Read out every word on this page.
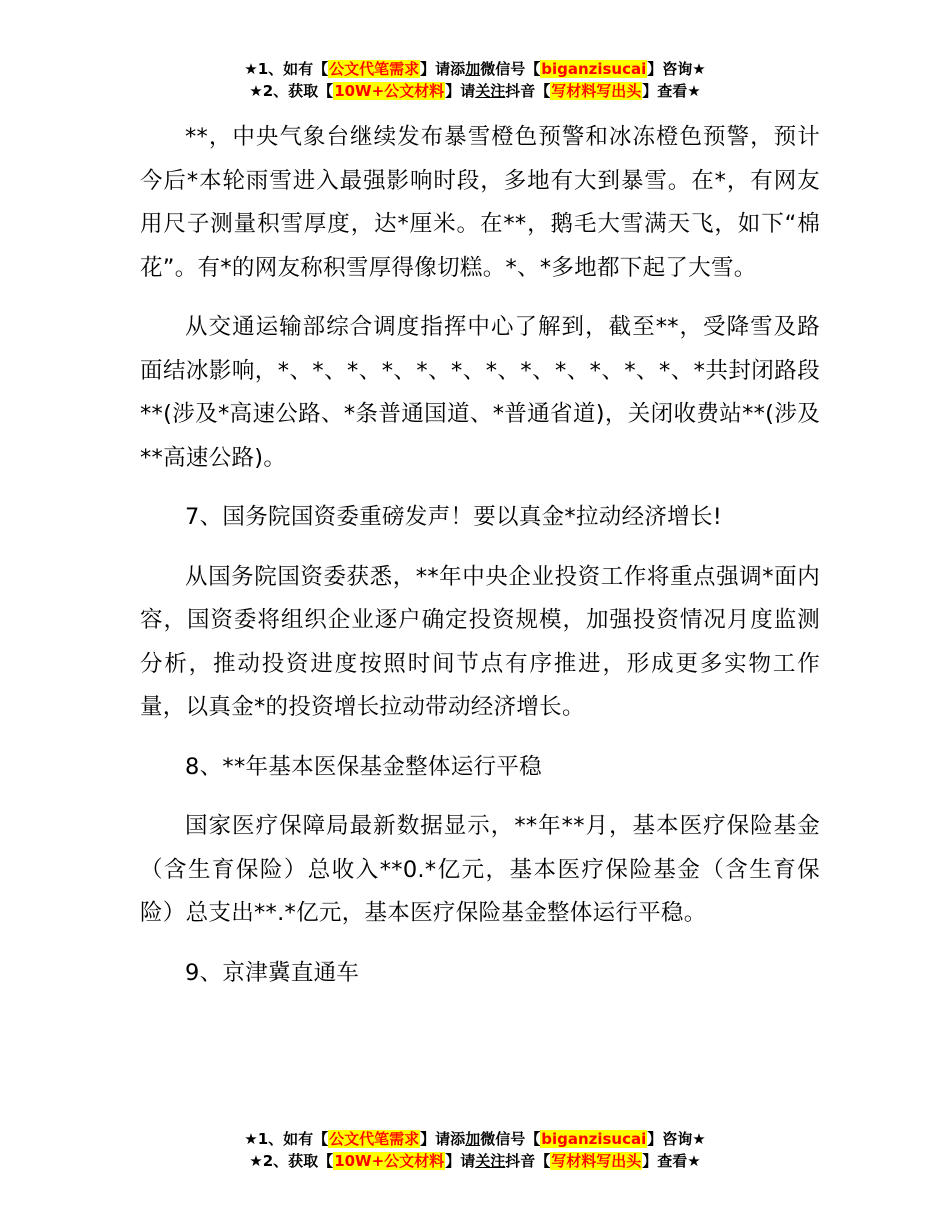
★1、如有【公文代笔需求】请添加微信号【biganzisucai】咨询★
★2、获取【10W+公文材料】请关注抖音【写材料写出头】查看★

**，中央气象台继续发布暴雪橙色预警和冰冻橙色预警，预计今后*本轮雨雪进入最强影响时段，多地有大到暴雪。在*，有网友用尺子测量积雪厚度，达*厘米。在**，鹅毛大雪满天飞，如下“棉花”。有*的网友称积雪厚得像切糕。*、*多地都下起了大雪。

从交通运输部综合调度指挥中心了解到，截至**，受降雪及路面结冰影响，*、*、*、*、*、*、*、*、*、*、*、*、*共封闭路段**(涉及*高速公路、*条普通国道、*普通省道)，关闭收费站**(涉及**高速公路)。

7、国务院国资委重磅发声！要以真金*拉动经济增长!

从国务院国资委获悉，**年中央企业投资工作将重点强调*面内容，国资委将组织企业逐户确定投资规模，加强投资情况月度监测分析，推动投资进度按照时间节点有序推进，形成更多实物工作量，以真金*的投资增长拉动带动经济增长。

8、**年基本医保基金整体运行平稳

国家医疗保障局最新数据显示，**年**月，基本医疗保险基金（含生育保险）总收入**0.*亿元，基本医疗保险基金（含生育保险）总支出**.*亿元，基本医疗保险基金整体运行平稳。

9、京津冀直通车

★1、如有【公文代笔需求】请添加微信号【biganzisucai】咨询★
★2、获取【10W+公文材料】请关注抖音【写材料写出头】查看★
